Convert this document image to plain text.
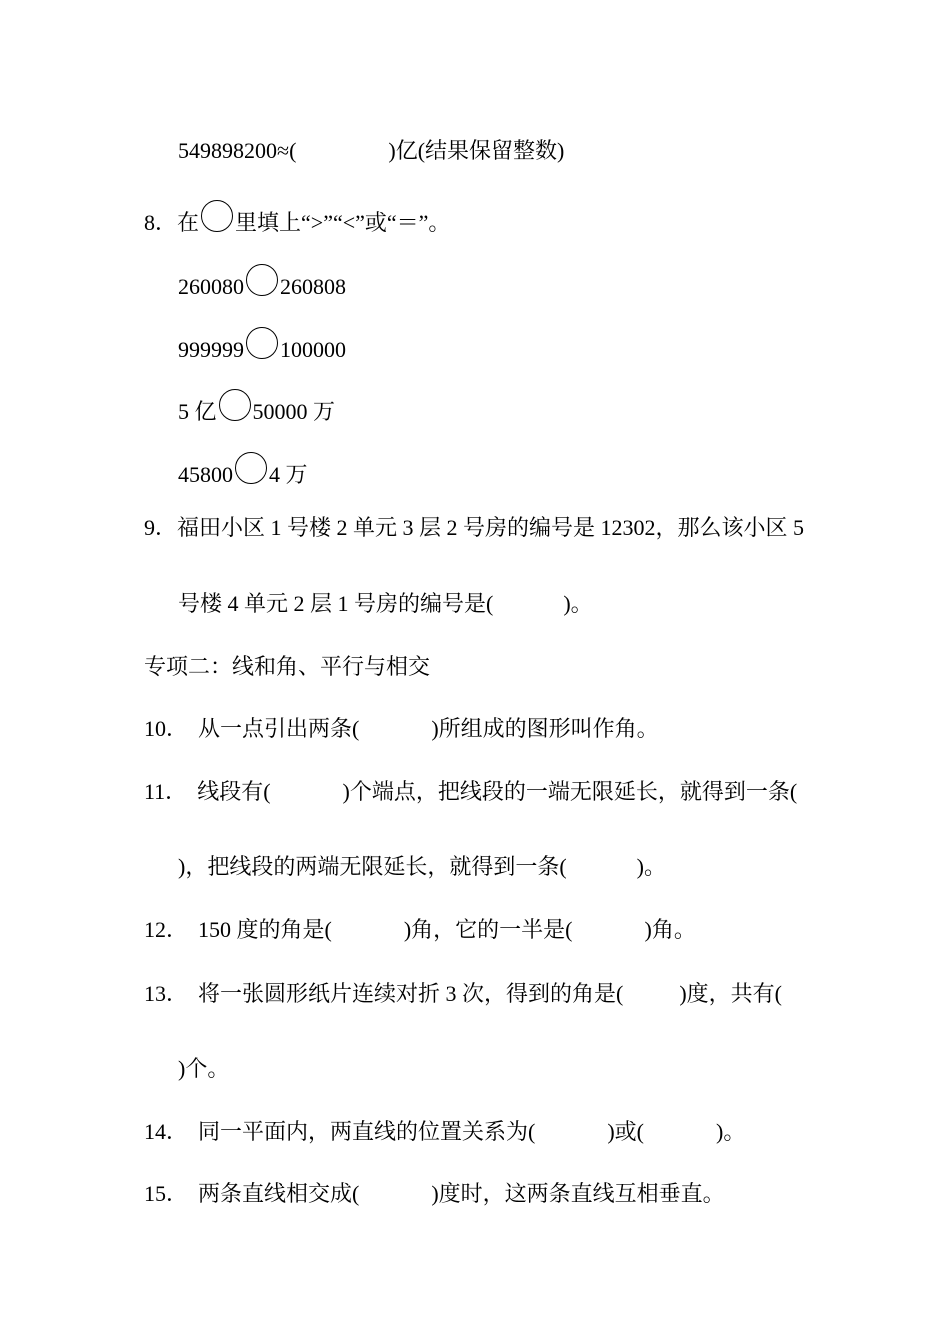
549898200≈(	)亿(结果保留整数)
8．在 里填上“>”“<”或“＝”。
260080 260808
999999 100000
5 亿 50000 万
45800 4 万
9．福田小区 1 号楼 2 单元 3 层 2 号房的编号是 12302，那么该小区 5
号楼 4 单元 2 层 1 号房的编号是(	)。
专项二：线和角、平行与相交
10． 从一点引出两条(	)所组成的图形叫作角。
11． 线段有(	)个端点，把线段的一端无限延长，就得到一条(
)，把线段的两端无限延长，就得到一条(	)。
12． 150 度的角是(	)角，它的一半是(	)角。
13． 将一张圆形纸片连续对折 3 次，得到的角是(	)度，共有(
)个。
14． 同一平面内，两直线的位置关系为(	)或(	)。
15． 两条直线相交成(	)度时，这两条直线互相垂直。
